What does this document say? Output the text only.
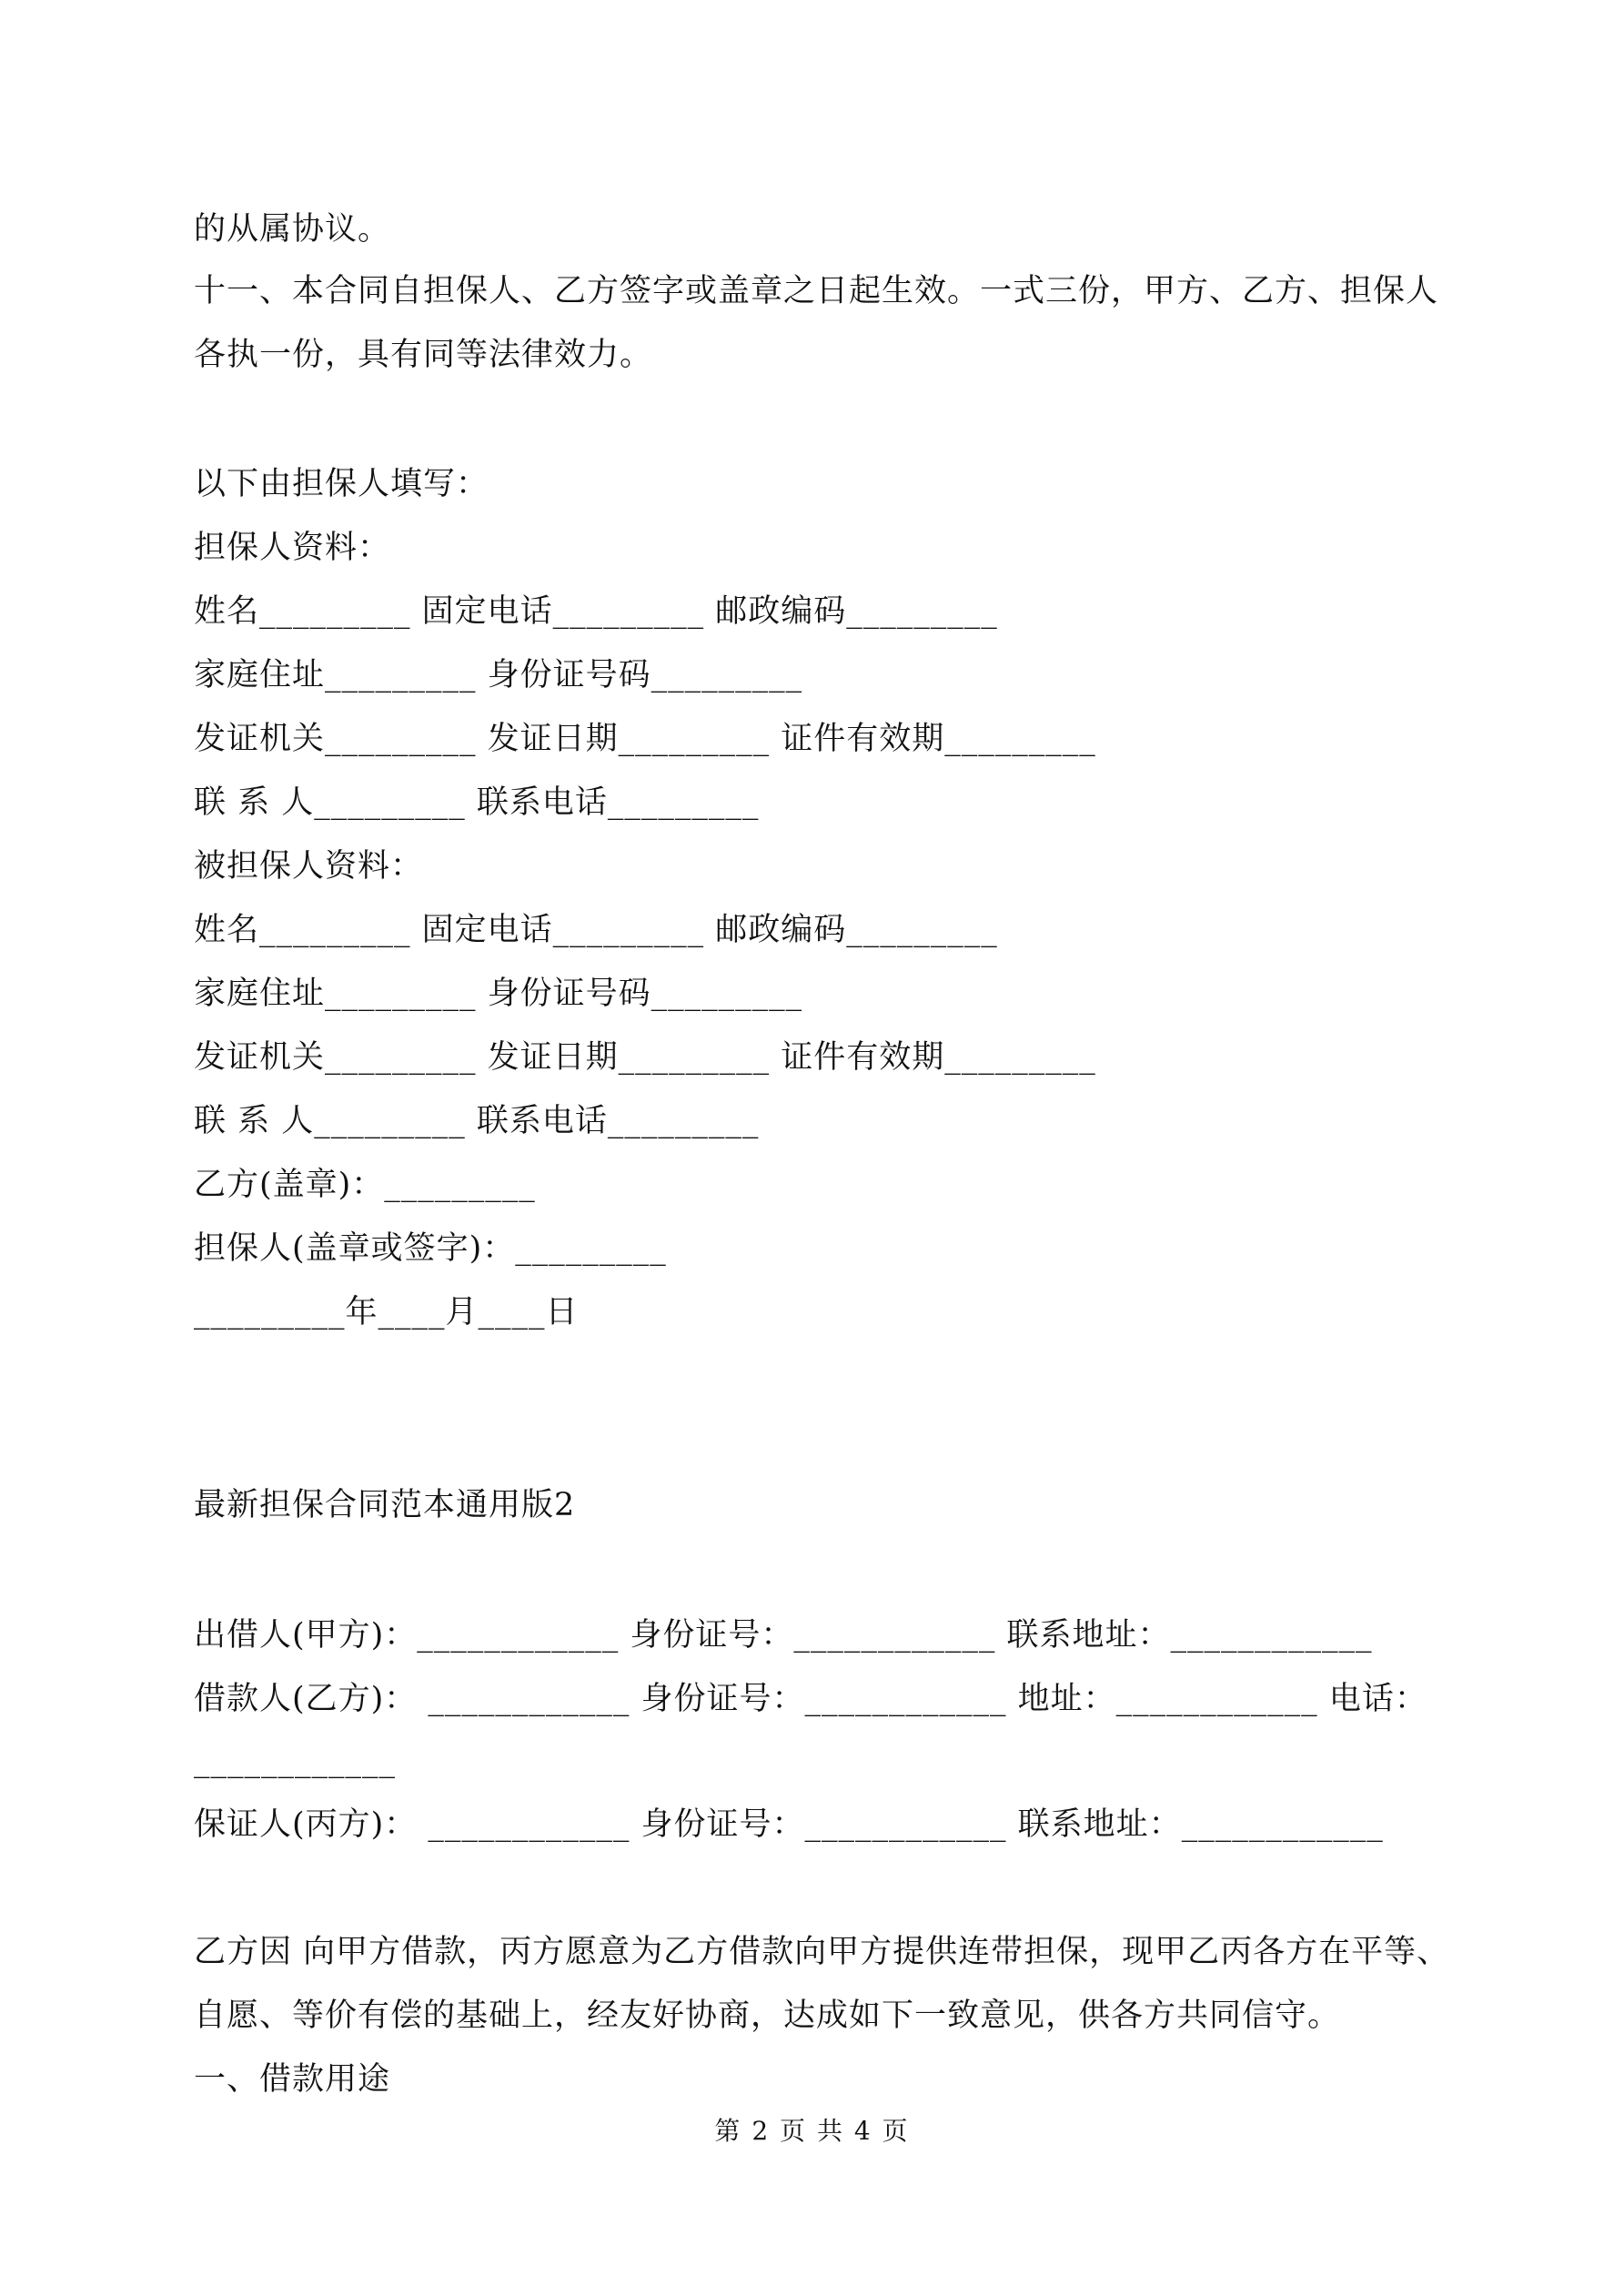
的从属协议。
十一、本合同自担保人、乙方签字或盖章之日起生效。一式三份，甲方、乙方、担保人
各执一份，具有同等法律效力。
以下由担保人填写：
担保人资料：
姓名_________ 固定电话_________ 邮政编码_________
家庭住址_________ 身份证号码_________
发证机关_________ 发证日期_________ 证件有效期_________
联 系 人_________ 联系电话_________
被担保人资料：
姓名_________ 固定电话_________ 邮政编码_________
家庭住址_________ 身份证号码_________
发证机关_________ 发证日期_________ 证件有效期_________
联 系 人_________ 联系电话_________
乙方(盖章)：_________
担保人(盖章或签字)：_________
_________年____月____日
最新担保合同范本通用版2
出借人(甲方)：____________ 身份证号：____________ 联系地址：____________
借款人(乙方)： ____________ 身份证号：____________ 地址：____________ 电话：
____________
保证人(丙方)： ____________ 身份证号：____________ 联系地址：____________
乙方因 向甲方借款，丙方愿意为乙方借款向甲方提供连带担保，现甲乙丙各方在平等、
自愿、等价有偿的基础上，经友好协商，达成如下一致意见，供各方共同信守。
一、借款用途
第 2 页 共 4 页
